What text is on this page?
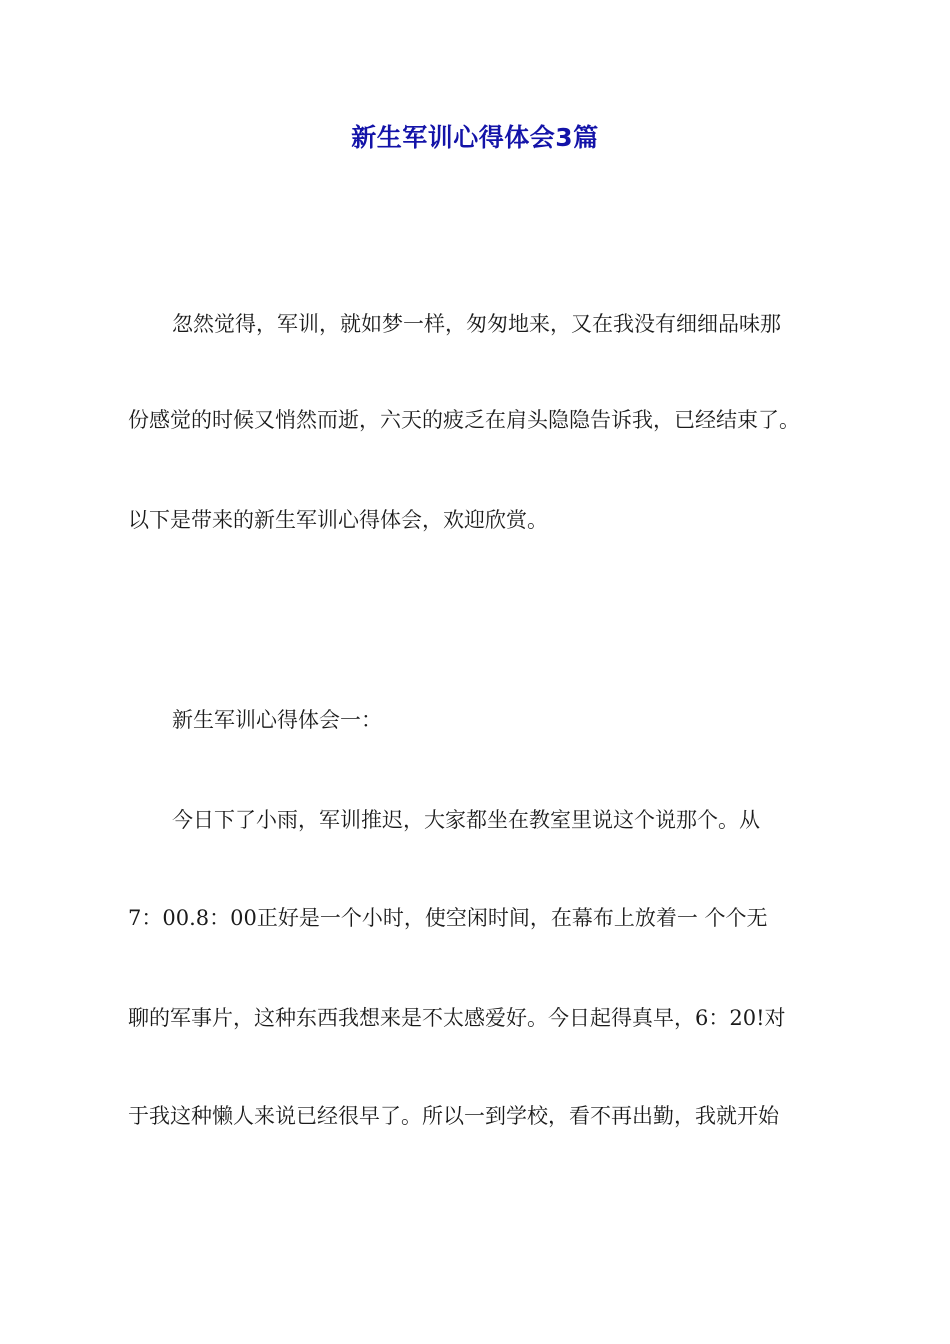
新生军训心得体会3篇
忽然觉得，军训，就如梦一样，匆匆地来，又在我没有细细品味那
份感觉的时候又悄然而逝，六天的疲乏在肩头隐隐告诉我，已经结束了。
以下是带来的新生军训心得体会，欢迎欣赏。
新生军训心得体会一：
今日下了小雨，军训推迟，大家都坐在教室里说这个说那个。从
7：00.8：00正好是一个小时，使空闲时间，在幕布上放着一 个个无
聊的军事片，这种东西我想来是不太感爱好。今日起得真早，6：20!对
于我这种懒人来说已经很早了。所以一到学校，看不再出勤，我就开始
